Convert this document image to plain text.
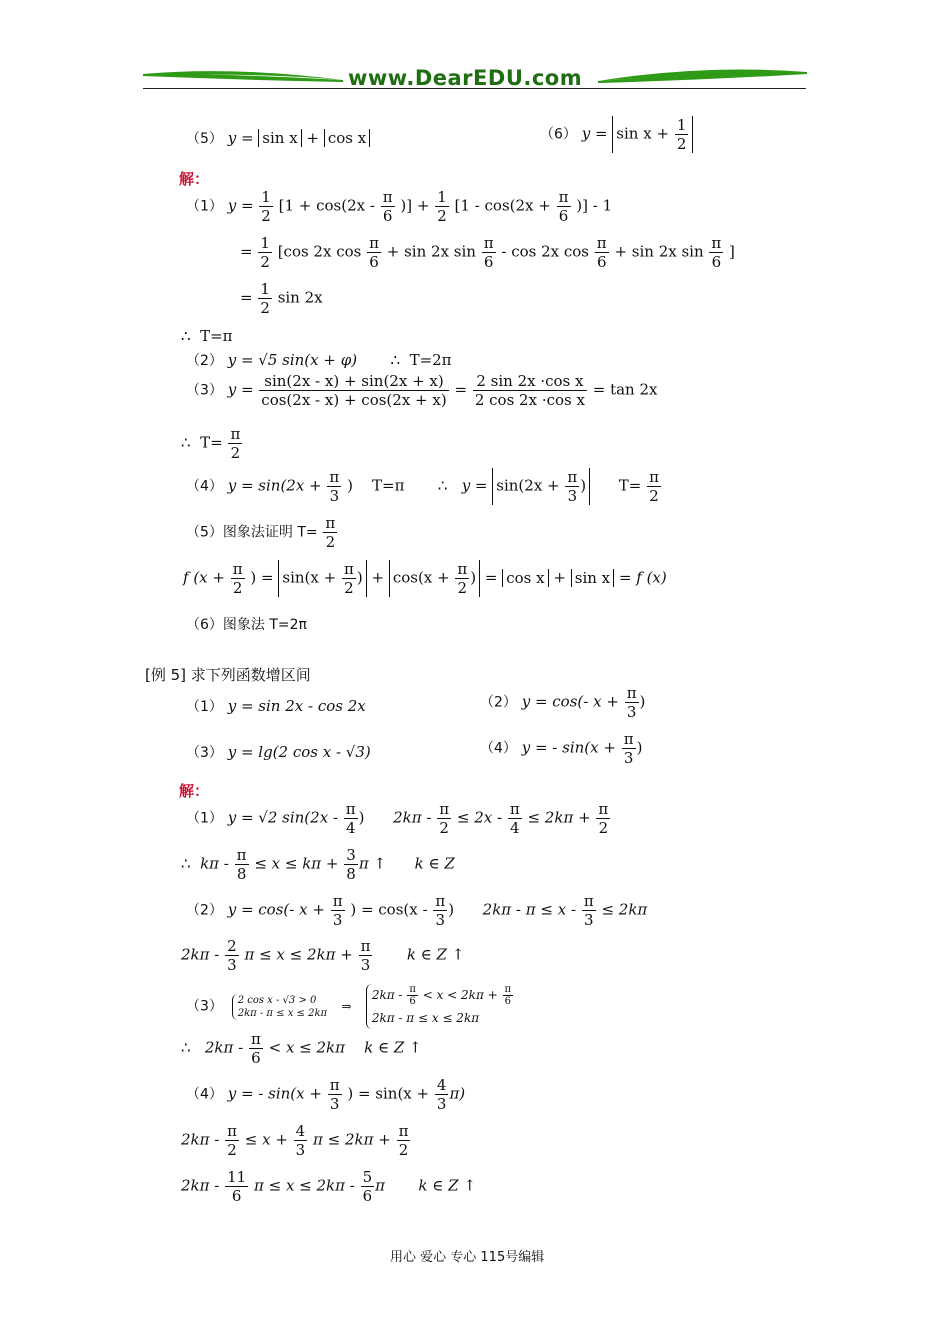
www.DearEDU.com
（5） y = sin x + cos x	（6） $y = \sin x + \frac{1}{2}$
解：
（1） $y = \frac{1}{2} [1 + \cos(2x - \frac{\pi}{6}$ )] + $\frac{1}{2} [1 - \cos(2x + \frac{\pi}{6}$ )] - 1
= $\frac{1}{2} [\cos$ 2x $\cos \frac{\pi}{6} + \sin 2x$ $\sin \frac{\pi}{6}$ - cos 2x $\cos \frac{\pi}{6} + \sin 2x$ $\sin \frac{\pi}{6}$ ]
= $\frac{1}{2}$ sin 2x
∴ T=π
（2） y = √5 sin(x + φ) ∴ T=2π
（3） $y = \frac{\sin(2x - x) + \sin(2x + x)}{\cos(2x - x) + \cos(2x + x)} = \frac{\text{2 sin 2x ·cos x}}{\text{2 cos 2x ·cos x}} = \tan 2x$
∴ $T= \frac{\pi}{2}$
（4） $y = \sin(2x + \frac{\pi}{3}$ ) T=π ∴ $y = \sin(2x + \frac{\pi}{3}$ ) $T= \frac{\pi}{2}$
（5）图象法证明 $T= \frac{\pi}{2}$
f ($x + \frac{\pi}{2}$ ) = $\sin(x + \frac{\pi}{2}$ ) + $\cos(x + \frac{\pi}{2}$ ) = cos x + sin x = f (x)
（6）图象法 T=2π
[例 5] 求下列函数增区间
（1） y = sin 2x - cos 2x	（2） y = cos(- $x + \frac{\pi}{3}$ )
（3） y = lg(2 cos x - √3)	（4） y = - $\sin(x + \frac{\pi}{3}$ )
解：
（1） y = √2 $\sin(2x - \frac{\pi}{4}$ ) $2k\pi - \frac{\pi}{2} \le 2x - \frac{\pi}{4} \le 2k\pi + \frac{\pi}{2}$
∴ $k\pi - \frac{\pi}{8} \le x \le k\pi + \frac{3}{8}$ π ↑ k ∈ Z
（2） y = cos(- $x + \frac{\pi}{3}$ ) = $\cos(x - \frac{\pi}{3}$ ) $2k\pi - \pi \le x - \frac{\pi}{3} \le 2k\pi$
$2k\pi - \frac{2}{3}$ $\pi \le x \le 2k\pi + \frac{\pi}{3}$ k ∈ Z ↑
（3） 2 cos x - √3 > 0
2kπ - π ≤ x ≤ 2kπ ⇒
$2k\pi - \frac{\pi}{6} < x < 2k\pi + \frac{\pi}{6}$
2kπ - π ≤ x ≤ 2kπ
∴ $2k\pi - \frac{\pi}{6} < x \le 2k\pi$ k ∈ Z ↑
（4） y = - $\sin(x + \frac{\pi}{3}$ ) = $\sin(x + \frac{4}{3} \pi)$
$2k\pi - \frac{\pi}{2} \le x + \frac{4}{3}$ $\pi \le 2k\pi + \frac{\pi}{2}$
$2k\pi - \frac{11}{6}$ $\pi \le x \le 2k\pi - \frac{5}{6}$ π k ∈ Z ↑
用心 爱心 专心 115号编辑
